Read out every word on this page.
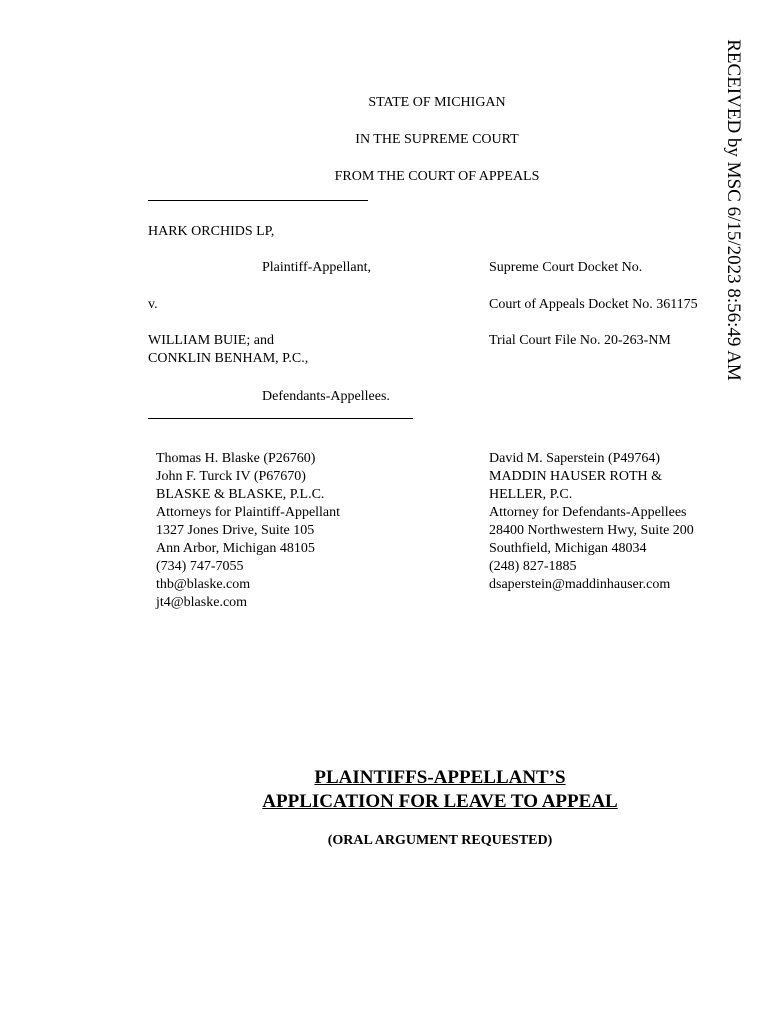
RECEIVED by MSC 6/15/2023 8:56:49 AM
STATE OF MICHIGAN
IN THE SUPREME COURT
FROM THE COURT OF APPEALS
HARK ORCHIDS LP,
Plaintiff-Appellant,
v.
WILLIAM BUIE; and
CONKLIN BENHAM, P.C.,
Defendants-Appellees.
Supreme Court Docket No.
Court of Appeals Docket No. 361175
Trial Court File No. 20-263-NM
Thomas H. Blaske (P26760)
John F. Turck IV (P67670)
BLASKE & BLASKE, P.L.C.
Attorneys for Plaintiff-Appellant
1327 Jones Drive, Suite 105
Ann Arbor, Michigan 48105
(734) 747-7055
thb@blaske.com
jt4@blaske.com
David M. Saperstein (P49764)
MADDIN HAUSER ROTH &
HELLER, P.C.
Attorney for Defendants-Appellees
28400 Northwestern Hwy, Suite 200
Southfield, Michigan 48034
(248) 827-1885
dsaperstein@maddinhauser.com
PLAINTIFFS-APPELLANT’S
APPLICATION FOR LEAVE TO APPEAL
(ORAL ARGUMENT REQUESTED)
